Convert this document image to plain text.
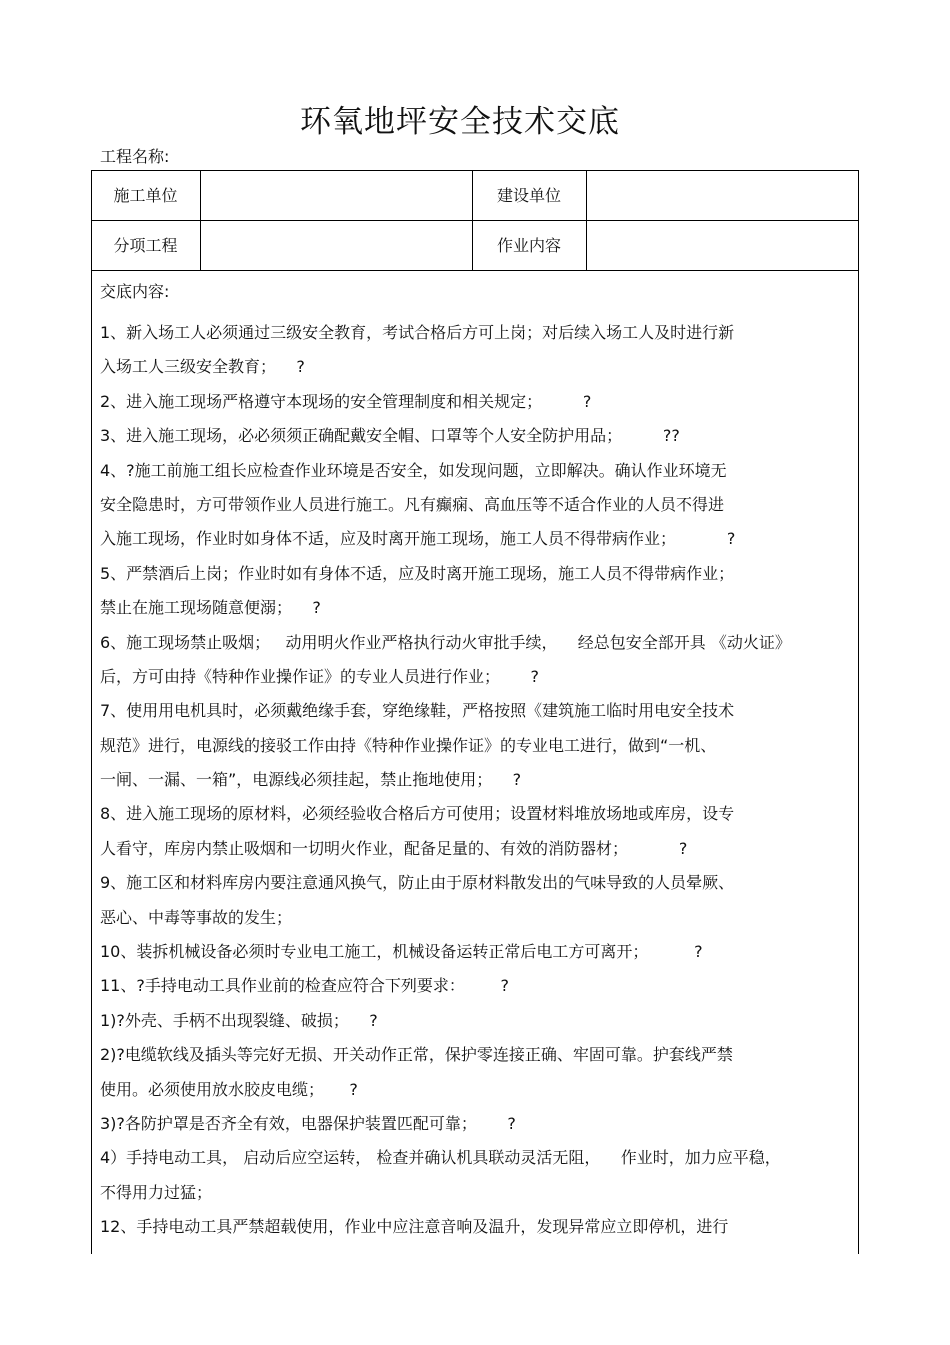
环氧地坪安全技术交底
工程名称:
施工单位	建设单位
分项工程	作业内容
交底内容:
1、新入场工人必须通过三级安全教育，考试合格后方可上岗；对后续入场工人及时进行新
入场工人三级安全教育；    ?
2、进入施工现场严格遵守本现场的安全管理制度和相关规定；        ?
3、进入施工现场，必必须须正确配戴安全帽、口罩等个人安全防护用品；        ??
4、?施工前施工组长应检查作业环境是否安全，如发现问题，立即解决。确认作业环境无
安全隐患时，方可带领作业人员进行施工。凡有癫痫、高血压等不适合作业的人员不得进
入施工现场，作业时如身体不适，应及时离开施工现场，施工人员不得带病作业；          ?
5、严禁酒后上岗；作业时如有身体不适，应及时离开施工现场，施工人员不得带病作业；
禁止在施工现场随意便溺；    ?
6、施工现场禁止吸烟；   动用明火作业严格执行动火审批手续，    经总包安全部开具 《动火证》
后，方可由持《特种作业操作证》的专业人员进行作业；      ?
7、使用用电机具时，必须戴绝缘手套，穿绝缘鞋，严格按照《建筑施工临时用电安全技术
规范》进行，电源线的接驳工作由持《特种作业操作证》的专业电工进行，做到“一机、
一闸、一漏、一箱”，电源线必须挂起，禁止拖地使用；    ?
8、进入施工现场的原材料，必须经验收合格后方可使用；设置材料堆放场地或库房，设专
人看守，库房内禁止吸烟和一切明火作业，配备足量的、有效的消防器材；          ?
9、施工区和材料库房内要注意通风换气，防止由于原材料散发出的气味导致的人员晕厥、
恶心、中毒等事故的发生；
10、装拆机械设备必须时专业电工施工，机械设备运转正常后电工方可离开；         ?
11、?手持电动工具作业前的检查应符合下列要求：       ?
1)?外壳、手柄不出现裂缝、破损；    ?
2)?电缆软线及插头等完好无损、开关动作正常，保护零连接正确、牢固可靠。护套线严禁
使用。必须使用放水胶皮电缆；     ?
3)?各防护罩是否齐全有效，电器保护装置匹配可靠；      ?
4）手持电动工具， 启动后应空运转， 检查并确认机具联动灵活无阻，    作业时，加力应平稳，
不得用力过猛；
12、手持电动工具严禁超载使用，作业中应注意音响及温升，发现异常应立即停机，进行
